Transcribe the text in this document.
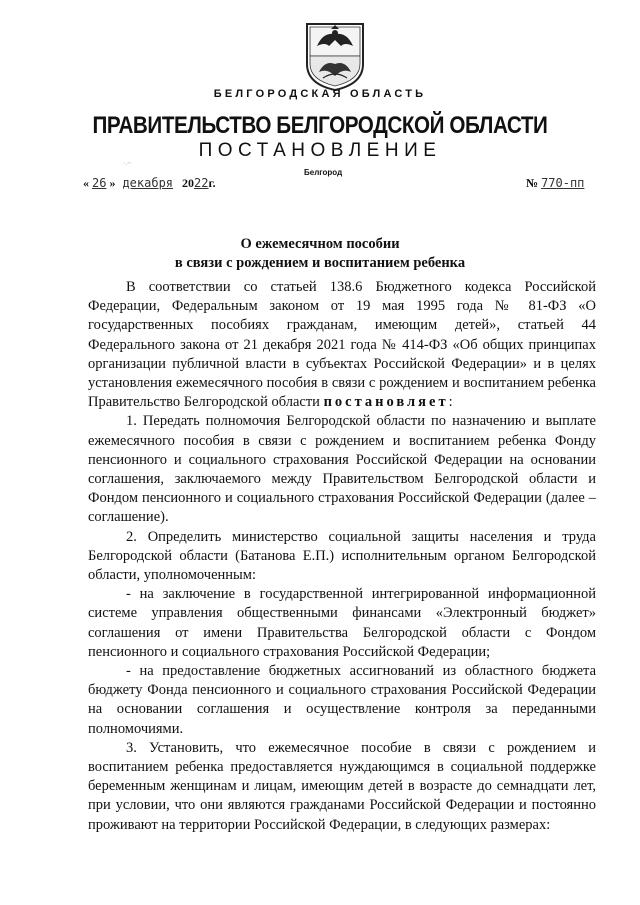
БЕЛГОРОДСКАЯ ОБЛАСТЬ
ПРАВИТЕЛЬСТВО БЕЛГОРОДСКОЙ ОБЛАСТИ
ПОСТАНОВЛЕНИЕ
Белгород
·.-·
« 26 » декабря 2022г.	№ 770-пп
О ежемесячном пособии
в связи с рождением и воспитанием ребенка

В соответствии со статьей 138.6 Бюджетного кодекса Российской Федерации, Федеральным законом от 19 мая 1995 года № 81-ФЗ «О государственных пособиях гражданам, имеющим детей», статьей 44 Федерального закона от 21 декабря 2021 года № 414-ФЗ «Об общих принципах организации публичной власти в субъектах Российской Федерации» и в целях установления ежемесячного пособия в связи с рождением и воспитанием ребенка Правительство Белгородской области постановляет:

1. Передать полномочия Белгородской области по назначению и выплате ежемесячного пособия в связи с рождением и воспитанием ребенка Фонду пенсионного и социального страхования Российской Федерации на основании соглашения, заключаемого между Правительством Белгородской области и Фондом пенсионного и социального страхования Российской Федерации (далее – соглашение).

2. Определить министерство социальной защиты населения и труда Белгородской области (Батанова Е.П.) исполнительным органом Белгородской области, уполномоченным:

- на заключение в государственной интегрированной информационной системе управления общественными финансами «Электронный бюджет» соглашения от имени Правительства Белгородской области с Фондом пенсионного и социального страхования Российской Федерации;

- на предоставление бюджетных ассигнований из областного бюджета бюджету Фонда пенсионного и социального страхования Российской Федерации на основании соглашения и осуществление контроля за переданными полномочиями.

3. Установить, что ежемесячное пособие в связи с рождением и воспитанием ребенка предоставляется нуждающимся в социальной поддержке беременным женщинам и лицам, имеющим детей в возрасте до семнадцати лет, при условии, что они являются гражданами Российской Федерации и постоянно проживают на территории Российской Федерации, в следующих размерах:
